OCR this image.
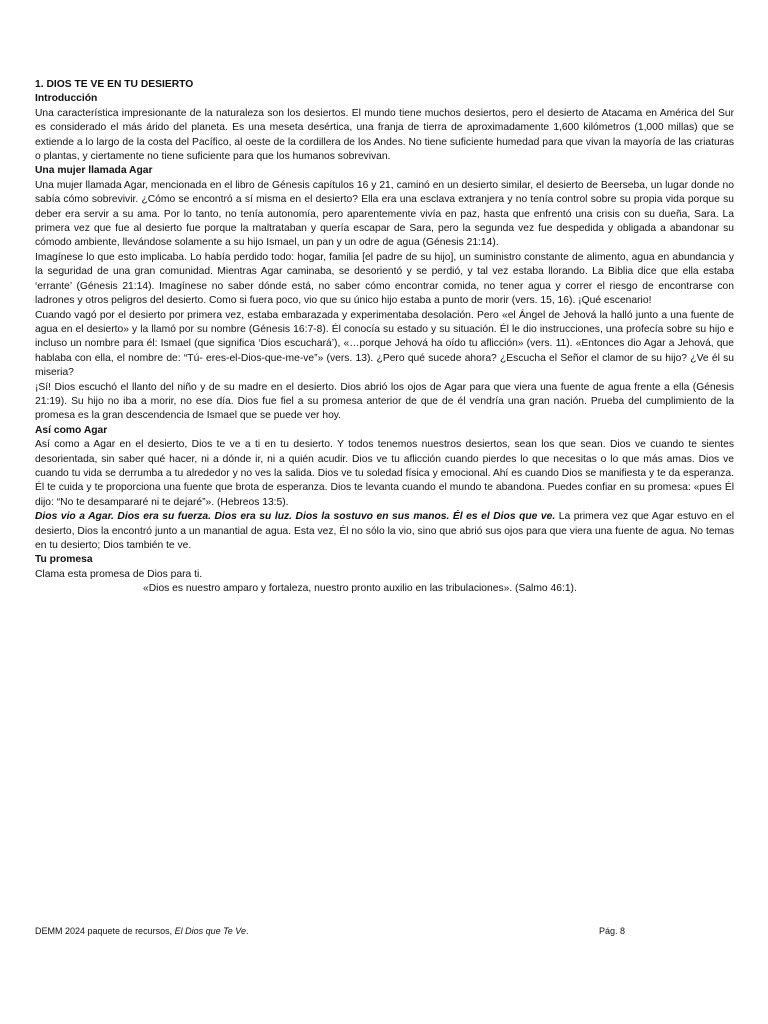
1. DIOS TE VE EN TU DESIERTO
Introducción
Una característica impresionante de la naturaleza son los desiertos. El mundo tiene muchos desiertos, pero el desierto de Atacama en América del Sur es considerado el más árido del planeta. Es una meseta desértica, una franja de tierra de aproximadamente 1,600 kilómetros (1,000 millas) que se extiende a lo largo de la costa del Pacífico, al oeste de la cordillera de los Andes. No tiene suficiente humedad para que vivan la mayoría de las criaturas o plantas, y ciertamente no tiene suficiente para que los humanos sobrevivan.
Una mujer llamada Agar
Una mujer llamada Agar, mencionada en el libro de Génesis capítulos 16 y 21, caminó en un desierto similar, el desierto de Beerseba, un lugar donde no sabía cómo sobrevivir. ¿Cómo se encontró a sí misma en el desierto? Ella era una esclava extranjera y no tenía control sobre su propia vida porque su deber era servir a su ama. Por lo tanto, no tenía autonomía, pero aparentemente vivía en paz, hasta que enfrentó una crisis con su dueña, Sara. La primera vez que fue al desierto fue porque la maltrataban y quería escapar de Sara, pero la segunda vez fue despedida y obligada a abandonar su cómodo ambiente, llevándose solamente a su hijo Ismael, un pan y un odre de agua (Génesis 21:14).
Imagínese lo que esto implicaba. Lo había perdido todo: hogar, familia [el padre de su hijo], un suministro constante de alimento, agua en abundancia y la seguridad de una gran comunidad. Mientras Agar caminaba, se desorientó y se perdió, y tal vez estaba llorando. La Biblia dice que ella estaba ‘errante’ (Génesis 21:14). Imagínese no saber dónde está, no saber cómo encontrar comida, no tener agua y correr el riesgo de encontrarse con ladrones y otros peligros del desierto. Como si fuera poco, vio que su único hijo estaba a punto de morir (vers. 15, 16). ¡Qué escenario!
Cuando vagó por el desierto por primera vez, estaba embarazada y experimentaba desolación. Pero «el Ángel de Jehová la halló junto a una fuente de agua en el desierto» y la llamó por su nombre (Génesis 16:7-8). Él conocía su estado y su situación. Él le dio instrucciones, una profecía sobre su hijo e incluso un nombre para él: Ismael (que significa ‘Dios escuchará’), «…porque Jehová ha oído tu aflicción» (vers. 11). «Entonces dio Agar a Jehová, que hablaba con ella, el nombre de: “Tú- eres-el-Dios-que-me-ve”» (vers. 13). ¿Pero qué sucede ahora? ¿Escucha el Señor el clamor de su hijo? ¿Ve él su miseria?
¡Sí! Dios escuchó el llanto del niño y de su madre en el desierto. Dios abrió los ojos de Agar para que viera una fuente de agua frente a ella (Génesis 21:19). Su hijo no iba a morir, no ese día. Dios fue fiel a su promesa anterior de que de él vendría una gran nación. Prueba del cumplimiento de la promesa es la gran descendencia de Ismael que se puede ver hoy.
Así como Agar
Así como a Agar en el desierto, Dios te ve a ti en tu desierto. Y todos tenemos nuestros desiertos, sean los que sean. Dios ve cuando te sientes desorientada, sin saber qué hacer, ni a dónde ir, ni a quién acudir. Dios ve tu aflicción cuando pierdes lo que necesitas o lo que más amas. Dios ve cuando tu vida se derrumba a tu alrededor y no ves la salida. Dios ve tu soledad física y emocional. Ahí es cuando Dios se manifiesta y te da esperanza. Él te cuida y te proporciona una fuente que brota de esperanza. Dios te levanta cuando el mundo te abandona. Puedes confiar en su promesa: «pues Él dijo: “No te desampararé ni te dejaré”». (Hebreos 13:5).
Dios vio a Agar. Dios era su fuerza. Dios era su luz. Dios la sostuvo en sus manos. Él es el Dios que ve. La primera vez que Agar estuvo en el desierto, Dios la encontró junto a un manantial de agua. Esta vez, Él no sólo la vio, sino que abrió sus ojos para que viera una fuente de agua. No temas en tu desierto; Dios también te ve.
Tu promesa
Clama esta promesa de Dios para ti.
«Dios es nuestro amparo y fortaleza, nuestro pronto auxilio en las tribulaciones». (Salmo 46:1).
DEMM 2024 paquete de recursos, El Dios que Te Ve.	Pág. 8
